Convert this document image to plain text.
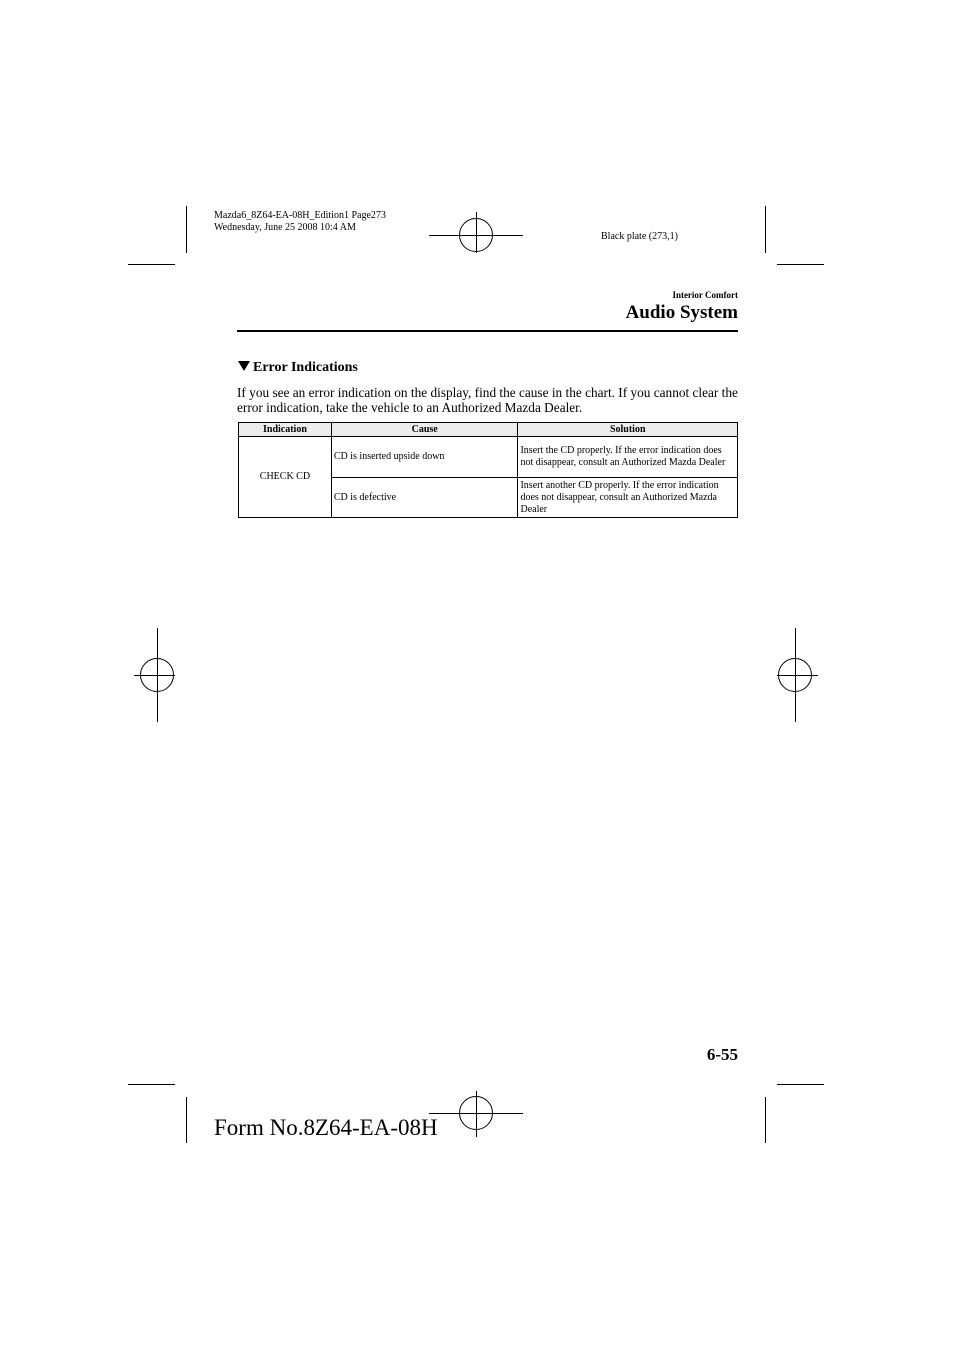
Mazda6_8Z64-EA-08H_Edition1 Page273
Wednesday, June 25 2008 10:4 AM
Black plate (273,1)
Interior Comfort
Audio System
Error Indications
If you see an error indication on the display, find the cause in the chart. If you cannot clear the error indication, take the vehicle to an Authorized Mazda Dealer.
Indication	Cause	Solution
CHECK CD	CD is inserted upside down	Insert the CD properly. If the error indication does not disappear, consult an Authorized Mazda Dealer
	CD is defective	Insert another CD properly. If the error indication does not disappear, consult an Authorized Mazda Dealer
6-55
Form No.8Z64-EA-08H
